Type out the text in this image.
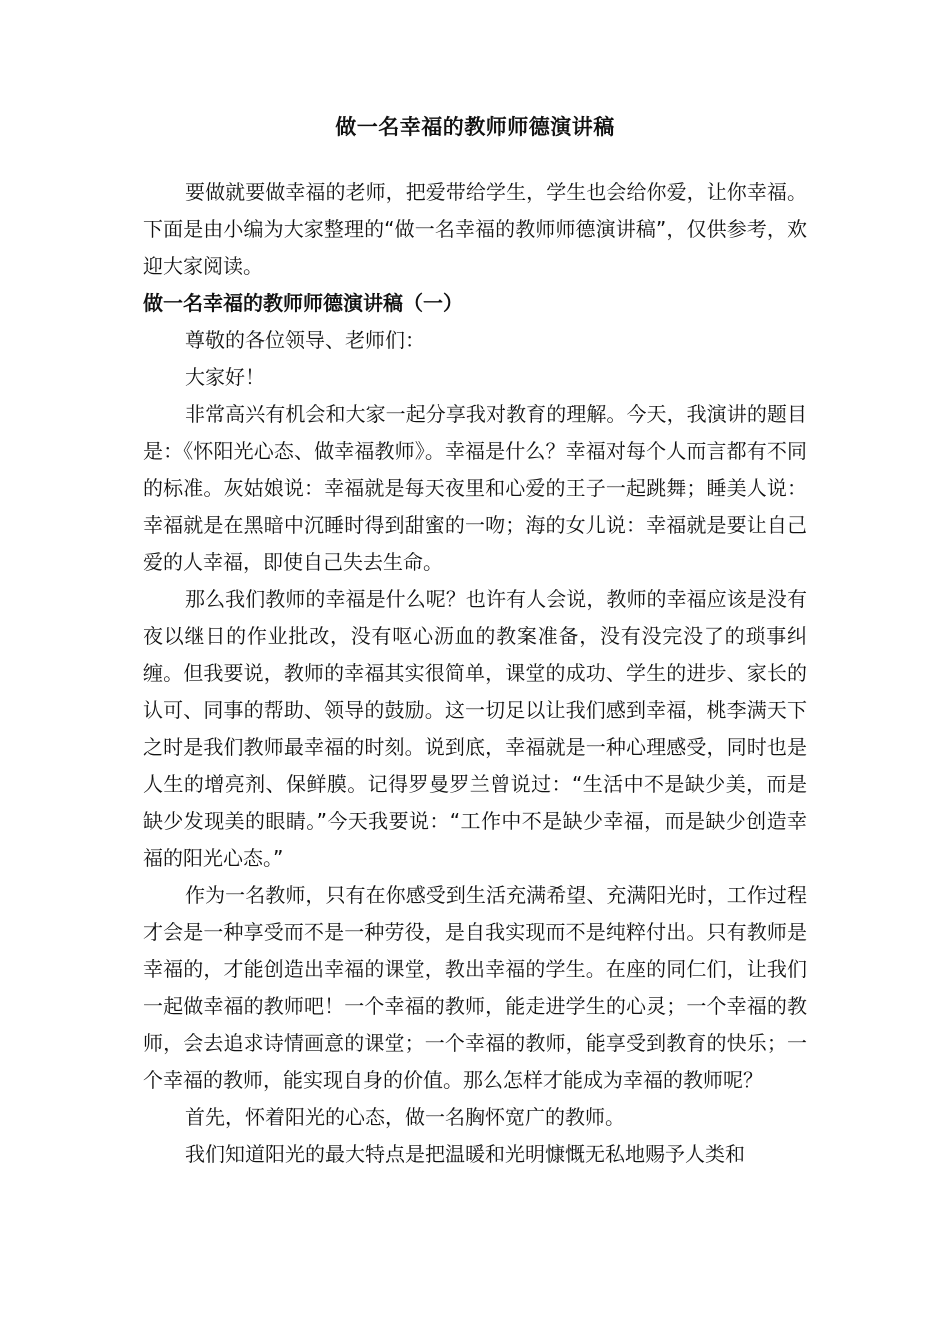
做一名幸福的教师师德演讲稿

要做就要做幸福的老师，把爱带给学生，学生也会给你爱，让你幸福。下面是由小编为大家整理的“做一名幸福的教师师德演讲稿”，仅供参考，欢迎大家阅读。

做一名幸福的教师师德演讲稿（一）

尊敬的各位领导、老师们：

大家好！

非常高兴有机会和大家一起分享我对教育的理解。今天，我演讲的题目是：《怀阳光心态、做幸福教师》。幸福是什么？幸福对每个人而言都有不同的标准。灰姑娘说：幸福就是每天夜里和心爱的王子一起跳舞；睡美人说：幸福就是在黑暗中沉睡时得到甜蜜的一吻；海的女儿说：幸福就是要让自己爱的人幸福，即使自己失去生命。

那么我们教师的幸福是什么呢？也许有人会说，教师的幸福应该是没有夜以继日的作业批改，没有呕心沥血的教案准备，没有没完没了的琐事纠缠。但我要说，教师的幸福其实很简单，课堂的成功、学生的进步、家长的认可、同事的帮助、领导的鼓励。这一切足以让我们感到幸福，桃李满天下之时是我们教师最幸福的时刻。说到底，幸福就是一种心理感受，同时也是人生的增亮剂、保鲜膜。记得罗曼罗兰曾说过：“生活中不是缺少美，而是缺少发现美的眼睛。”今天我要说：“工作中不是缺少幸福，而是缺少创造幸福的阳光心态。”

作为一名教师，只有在你感受到生活充满希望、充满阳光时，工作过程才会是一种享受而不是一种劳役，是自我实现而不是纯粹付出。只有教师是幸福的，才能创造出幸福的课堂，教出幸福的学生。在座的同仁们，让我们一起做幸福的教师吧！一个幸福的教师，能走进学生的心灵；一个幸福的教师，会去追求诗情画意的课堂；一个幸福的教师，能享受到教育的快乐；一个幸福的教师，能实现自身的价值。那么怎样才能成为幸福的教师呢？

首先，怀着阳光的心态，做一名胸怀宽广的教师。

我们知道阳光的最大特点是把温暖和光明慷慨无私地赐予人类和
